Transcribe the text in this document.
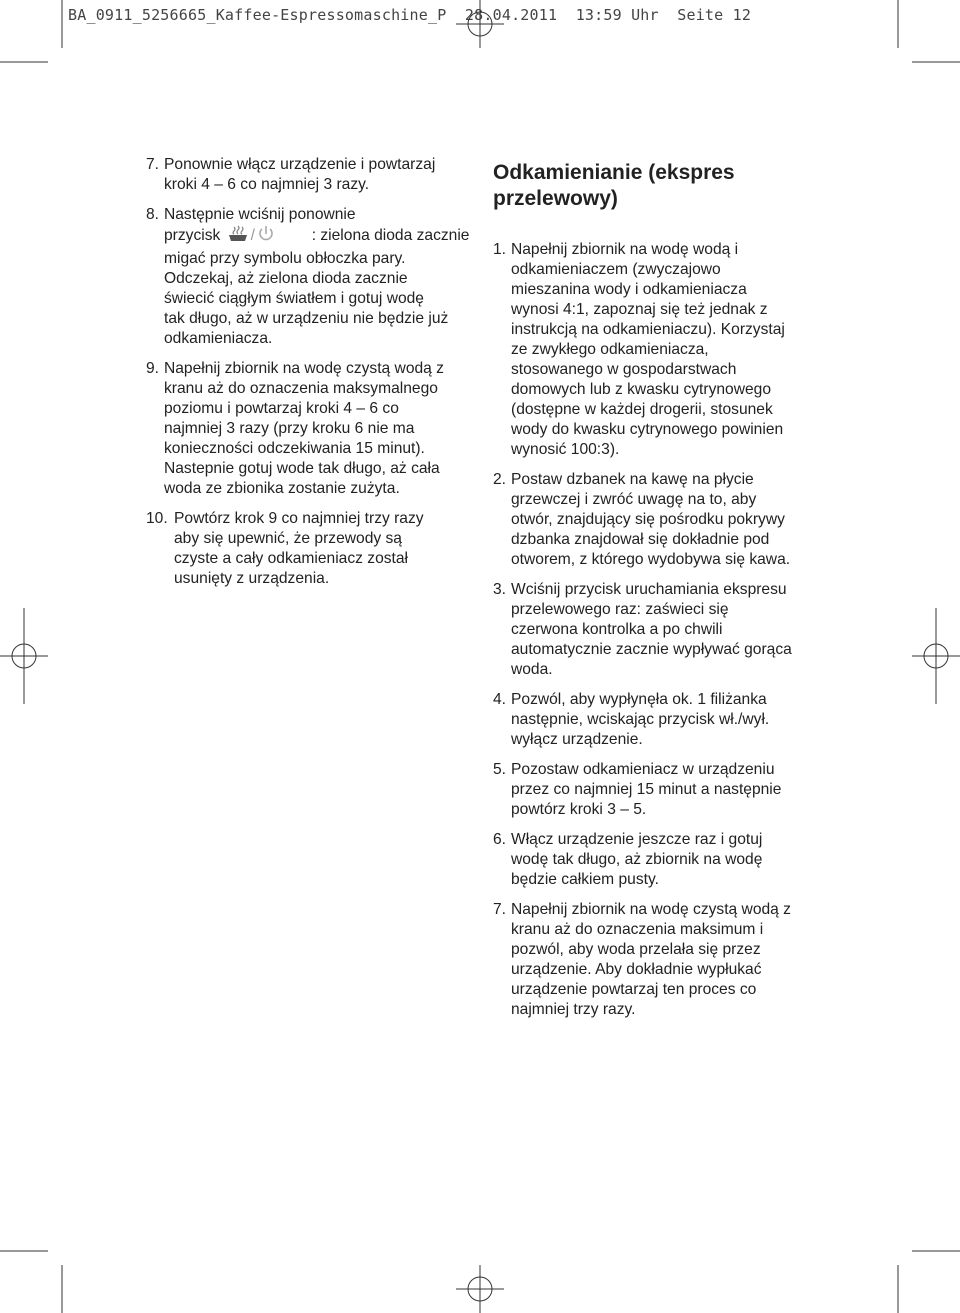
BA_0911_5256665_Kaffee-Espressomaschine_P  28.04.2011  13:59 Uhr  Seite 12
7. Ponownie włącz urządzenie i powtarzaj
kroki 4 – 6 co najmniej 3 razy.
8. Następnie wciśnij ponownie
przycisk /	: zielona dioda zacznie
migać przy symbolu obłoczka pary.
Odczekaj, aż zielona dioda zacznie
świecić ciągłym światłem i gotuj wodę
tak długo, aż w urządzeniu nie będzie już
odkamieniacza.
9. Napełnij zbiornik na wodę czystą wodą z
kranu aż do oznaczenia maksymalnego
poziomu i powtarzaj kroki 4 – 6 co
najmniej 3 razy (przy kroku 6 nie ma
konieczności odczekiwania 15 minut).
Nastepnie gotuj wode tak długo, aż cała
woda ze zbionika zostanie zużyta.
10. Powtórz krok 9 co najmniej trzy razy
aby się upewnić, że przewody są
czyste a cały odkamieniacz został
usunięty z urządzenia.
Odkamienianie (ekspres
przelewowy)
1. Napełnij zbiornik na wodę wodą i
odkamieniaczem (zwyczajowo
mieszanina wody i odkamieniacza
wynosi 4:1, zapoznaj się też jednak z
instrukcją na odkamieniaczu). Korzystaj
ze zwykłego odkamieniacza,
stosowanego w gospodarstwach
domowych lub z kwasku cytrynowego
(dostępne w każdej drogerii, stosunek
wody do kwasku cytrynowego powinien
wynosić 100:3).
2. Postaw dzbanek na kawę na płycie
grzewczej i zwróć uwagę na to, aby
otwór, znajdujący się pośrodku pokrywy
dzbanka znajdował się dokładnie pod
otworem, z którego wydobywa się kawa.
3. Wciśnij przycisk uruchamiania ekspresu
przelewowego raz: zaświeci się
czerwona kontrolka a po chwili
automatycznie zacznie wypływać gorąca
woda.
4. Pozwól, aby wypłynęła ok. 1 filiżanka
następnie, wciskając przycisk wł./wył.
wyłącz urządzenie.
5. Pozostaw odkamieniacz w urządzeniu
przez co najmniej 15 minut a następnie
powtórz kroki 3 – 5.
6. Włącz urządzenie jeszcze raz i gotuj
wodę tak długo, aż zbiornik na wodę
będzie całkiem pusty.
7. Napełnij zbiornik na wodę czystą wodą z
kranu aż do oznaczenia maksimum i
pozwól, aby woda przelała się przez
urządzenie. Aby dokładnie wypłukać
urządzenie powtarzaj ten proces co
najmniej trzy razy.
